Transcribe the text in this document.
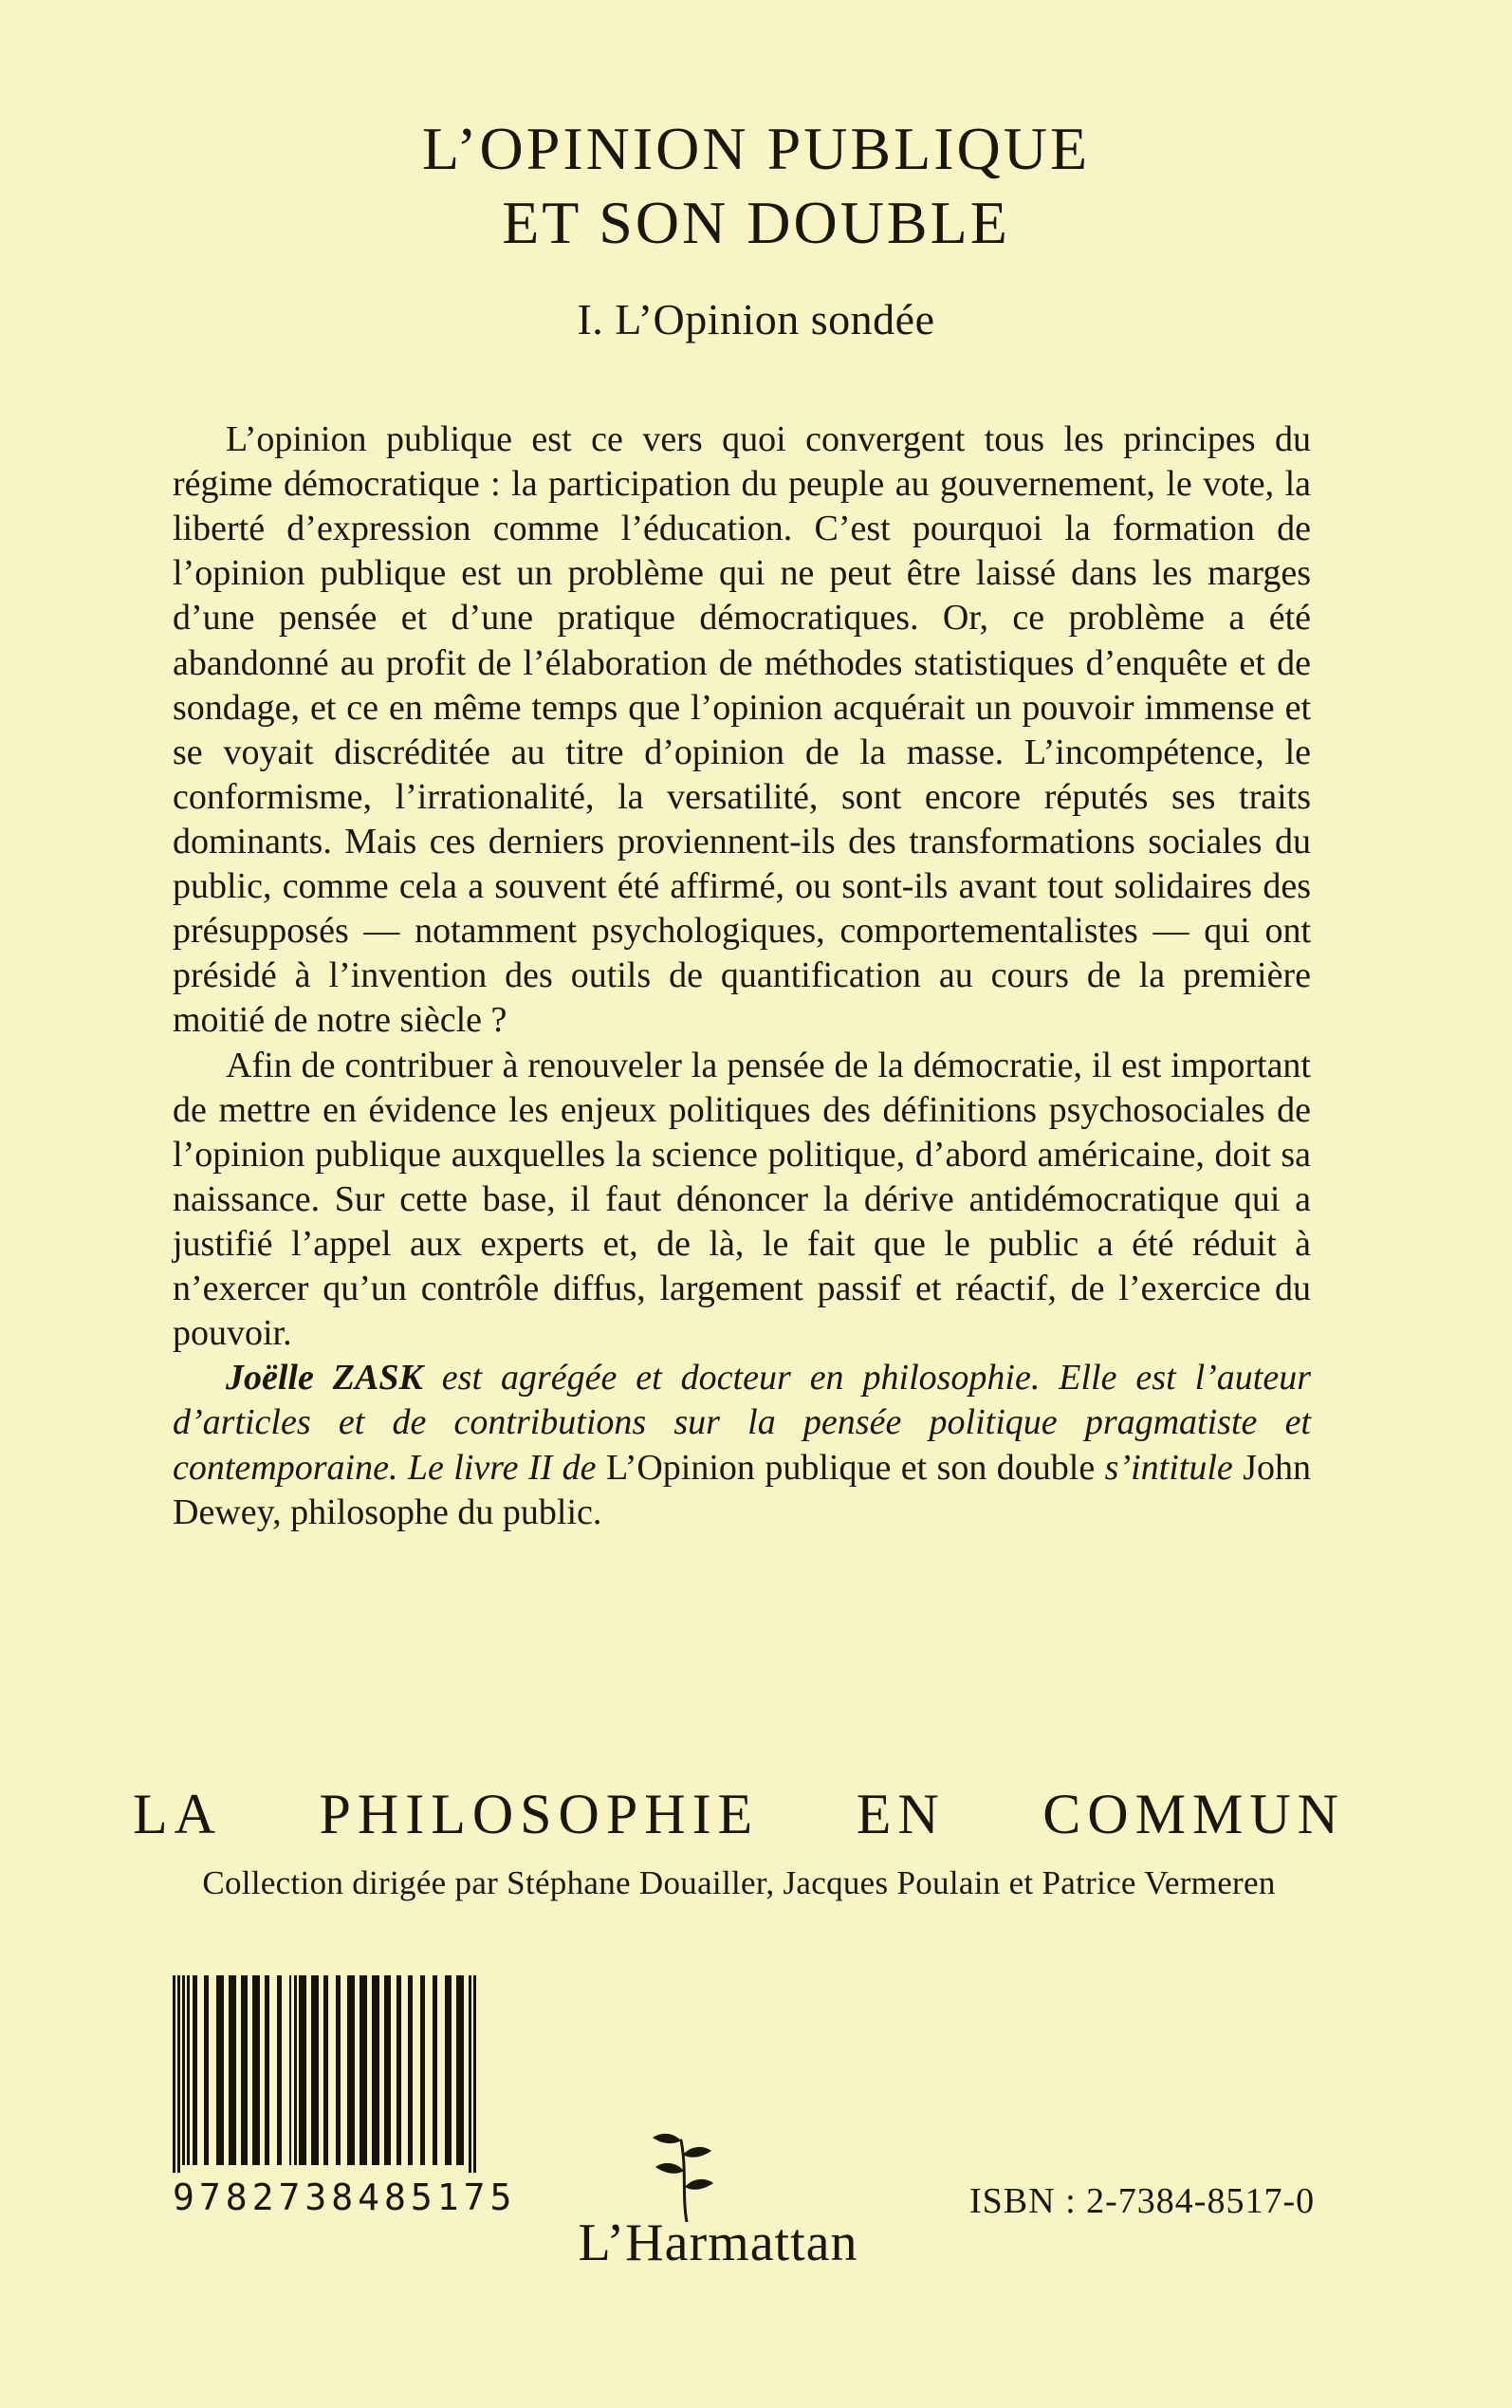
L’OPINION PUBLIQUE
ET SON DOUBLE
I. L’Opinion sondée

L’opinion publique est ce vers quoi convergent tous les principes du régime démocratique : la participation du peuple au gouvernement, le vote, la liberté d’expression comme l’éducation. C’est pourquoi la formation de l’opinion publique est un problème qui ne peut être laissé dans les marges d’une pensée et d’une pratique démocratiques. Or, ce problème a été abandonné au profit de l’élaboration de méthodes statistiques d’enquête et de sondage, et ce en même temps que l’opinion acquérait un pouvoir immense et se voyait discréditée au titre d’opinion de la masse. L’incompétence, le conformisme, l’irrationalité, la versatilité, sont encore réputés ses traits dominants. Mais ces derniers proviennent-ils des transformations sociales du public, comme cela a souvent été affirmé, ou sont-ils avant tout solidaires des présupposés — notamment psychologiques, comportementalistes — qui ont présidé à l’invention des outils de quantification au cours de la première moitié de notre siècle ?

Afin de contribuer à renouveler la pensée de la démocratie, il est important de mettre en évidence les enjeux politiques des définitions psychosociales de l’opinion publique auxquelles la science politique, d’abord américaine, doit sa naissance. Sur cette base, il faut dénoncer la dérive antidémocratique qui a justifié l’appel aux experts et, de là, le fait que le public a été réduit à n’exercer qu’un contrôle diffus, largement passif et réactif, de l’exercice du pouvoir.

Joëlle ZASK est agrégée et docteur en philosophie. Elle est l’auteur d’articles et de contributions sur la pensée politique pragmatiste et contemporaine. Le livre II de L’Opinion publique et son double s’intitule John Dewey, philosophe du public.

LA PHILOSOPHIE EN COMMUN
Collection dirigée par Stéphane Douailler, Jacques Poulain et Patrice Vermeren
9782738485175
L’Harmattan
ISBN : 2-7384-8517-0
